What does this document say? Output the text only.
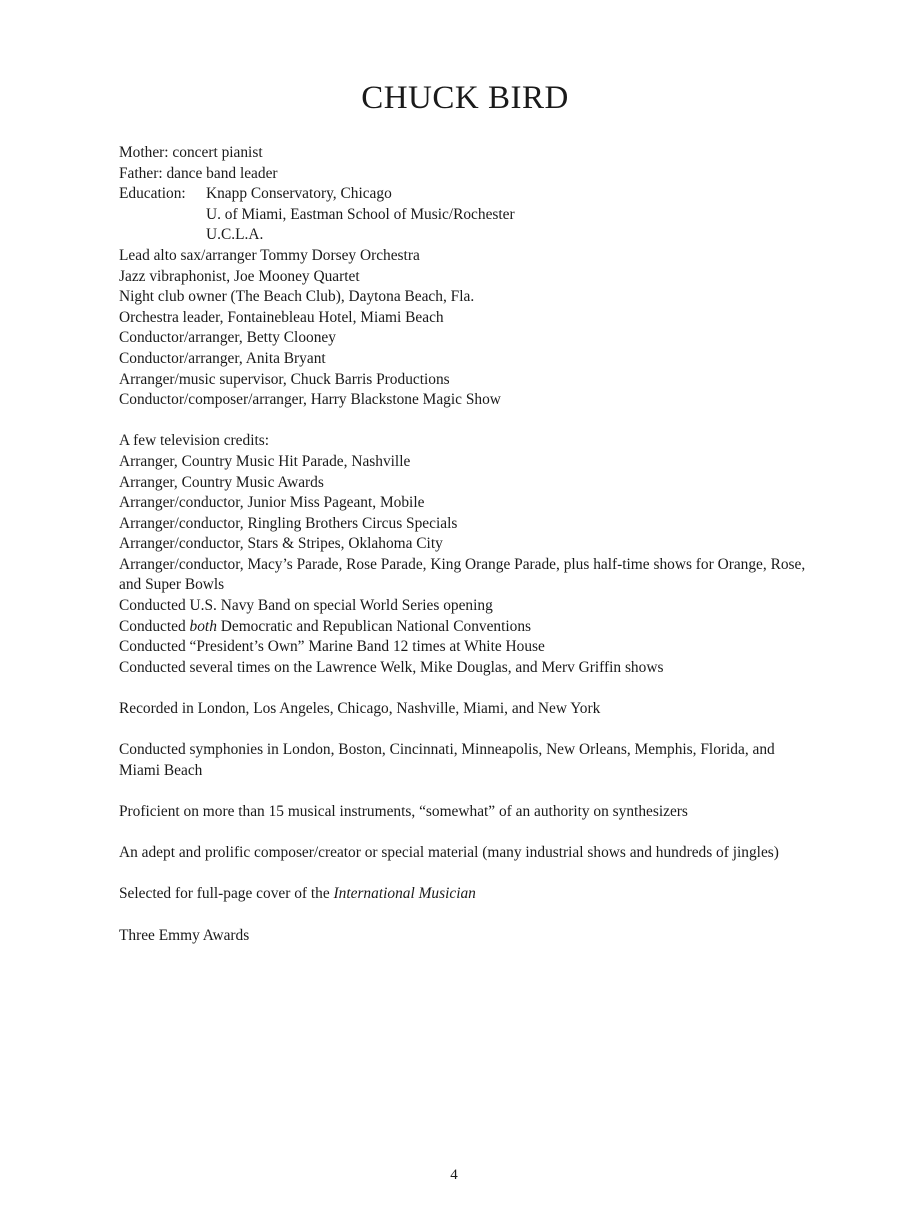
CHUCK BIRD
Mother: concert pianist
Father: dance band leader
Education:	Knapp Conservatory, Chicago
U. of Miami, Eastman School of Music/Rochester
U.C.L.A.
Lead alto sax/arranger Tommy Dorsey Orchestra
Jazz vibraphonist, Joe Mooney Quartet
Night club owner (The Beach Club), Daytona Beach, Fla.
Orchestra leader, Fontainebleau Hotel, Miami Beach
Conductor/arranger, Betty Clooney
Conductor/arranger, Anita Bryant
Arranger/music supervisor, Chuck Barris Productions
Conductor/composer/arranger, Harry Blackstone Magic Show
A few television credits:
Arranger, Country Music Hit Parade, Nashville
Arranger, Country Music Awards
Arranger/conductor, Junior Miss Pageant, Mobile
Arranger/conductor, Ringling Brothers Circus Specials
Arranger/conductor, Stars & Stripes, Oklahoma City
Arranger/conductor, Macy’s Parade, Rose Parade, King Orange Parade, plus half-time shows for Orange, Rose, and Super Bowls
Conducted U.S. Navy Band on special World Series opening
Conducted both Democratic and Republican National Conventions
Conducted “President’s Own” Marine Band 12 times at White House
Conducted several times on the Lawrence Welk, Mike Douglas, and Merv Griffin shows
Recorded in London, Los Angeles, Chicago, Nashville, Miami, and New York
Conducted symphonies in London, Boston, Cincinnati, Minneapolis, New Orleans, Memphis, Florida, and Miami Beach
Proficient on more than 15 musical instruments, “somewhat” of an authority on synthesizers
An adept and prolific composer/creator or special material (many industrial shows and hundreds of jingles)
Selected for full-page cover of the International Musician
Three Emmy Awards
4
